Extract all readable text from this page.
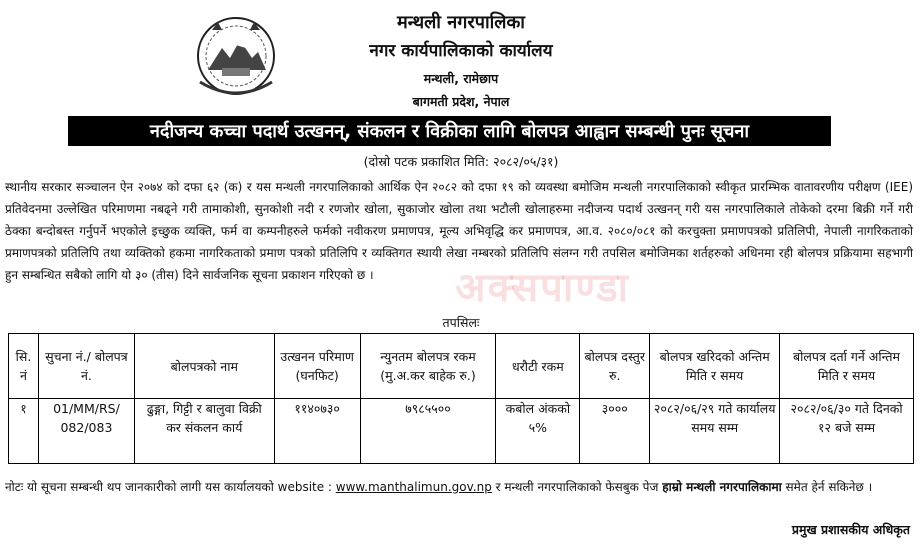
मन्थली नगरपालिका
नगर कार्यपालिकाको कार्यालय
मन्थली, रामेछाप
बागमती प्रदेश, नेपाल
नदीजन्य कच्चा पदार्थ उत्खनन्, संकलन र विक्रीका लागि बोलपत्र आह्वान सम्बन्धी पुनः सूचना
(दोस्रो पटक प्रकाशित मिति: २०८२/०५/३१)
स्थानीय सरकार सञ्चालन ऐन २०७४ को दफा ६२ (क) र यस मन्थली नगरपालिकाको आर्थिक ऐन २०८२ को दफा १९ को व्यवस्था बमोजिम मन्थली नगरपालिकाको स्वीकृत प्रारम्भिक वातावरणीय परीक्षण (IEE) प्रतिवेदनमा उल्लेखित परिमाणमा नबढ्ने गरी तामाकोशी, सुनकोशी नदी र रणजोर खोला, सुकाजोर खोला तथा भटौली खोलाहरुमा नदीजन्य पदार्थ उत्खनन् गरी यस नगरपालिकाले तोकेको दरमा बिक्री गर्ने गरी ठेक्का बन्दोबस्त गर्नुपर्ने भएकोले इच्छुक व्यक्ति, फर्म वा कम्पनीहरुले फर्मको नवीकरण प्रमाणपत्र, मूल्य अभिवृद्धि कर प्रमाणपत्र, आ.व. २०८०/०८१ को करचुक्ता प्रमाणपत्रको प्रतिलिपी, नेपाली नागरिकताको प्रमाणपत्रको प्रतिलिपि तथा व्यक्तिको हकमा नागरिकताको प्रमाण पत्रको प्रतिलिपि र व्यक्तिगत स्थायी लेखा नम्बरको प्रतिलिपि संलग्न गरी तपसिल बमोजिमका शर्तहरुको अधिनमा रही बोलपत्र प्रक्रियामा सहभागी हुन सम्बन्धित सबैको लागि यो ३० (तीस) दिने सार्वजनिक सूचना प्रकाशन गरिएको छ ।	अक्सपाण्डा
तपसिलः
सि. नं	सुचना नं./ बोलपत्र नं.	बोलपत्रको नाम	उत्खनन परिमाण (घनफिट)	न्युनतम बोलपत्र रकम (मु.अ.कर बाहेक रु.)	धरौटी रकम	बोलपत्र दस्तुर रु.	बोलपत्र खरिदको अन्तिम मिति र समय	बोलपत्र दर्ता गर्ने अन्तिम मिति र समय
१	01/MM/RS/ 082/083	ढुङ्गा, गिट्टी र बालुवा विक्री कर संकलन कार्य	११४०७३०	७९८५५००	कबोल अंकको ५%	३०००	२०८२/०६/२९ गते कार्यालय समय सम्म	२०८२/०६/३० गते दिनको १२ बजे सम्म
नोटः यो सूचना सम्बन्धी थप जानकारीको लागी यस कार्यालयको website : www.manthalimun.gov.np र मन्थली नगरपालिकाको फेसबुक पेज हाम्रो मन्थली नगरपालिकामा समेत हेर्न सकिनेछ ।
प्रमुख प्रशासकीय अधिकृत
